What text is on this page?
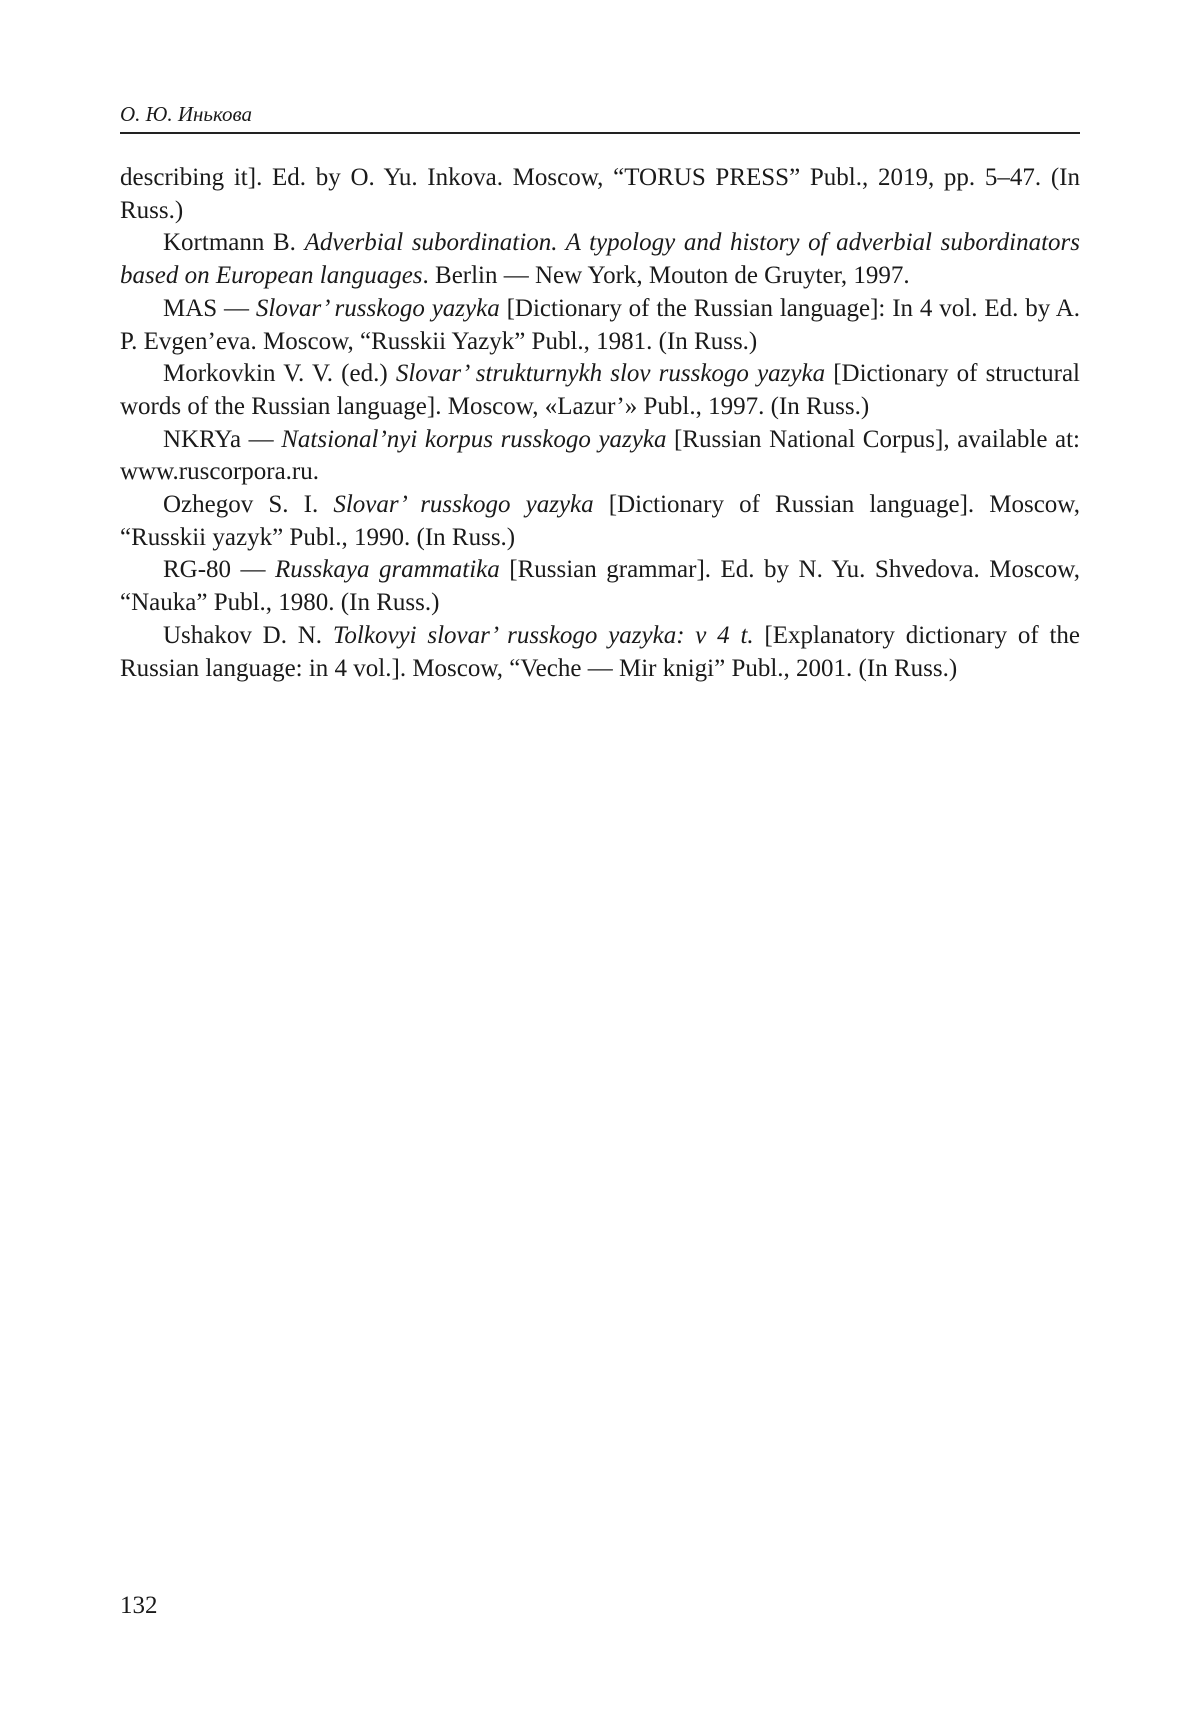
О. Ю. Инькова

describing it]. Ed. by O. Yu. Inkova. Moscow, “TORUS PRESS” Publ., 2019, pp. 5–47. (In Russ.)

Kortmann B. Adverbial subordination. A typology and history of adverbial subordinators based on European languages. Berlin — New York, Mouton de Gruyter, 1997.

MAS — Slovar’ russkogo yazyka [Dictionary of the Russian language]: In 4 vol. Ed. by A. P. Evgen’eva. Moscow, “Russkii Yazyk” Publ., 1981. (In Russ.)

Morkovkin V. V. (ed.) Slovar’ strukturnykh slov russkogo yazyka [Dictionary of structural words of the Russian language]. Moscow, «Lazur’» Publ., 1997. (In Russ.)

NKRYa — Natsional’nyi korpus russkogo yazyka [Russian National Corpus], available at: www.ruscorpora.ru.

Ozhegov S. I. Slovar’ russkogo yazyka [Dictionary of Russian language]. Moscow, “Russkii yazyk” Publ., 1990. (In Russ.)

RG-80 — Russkaya grammatika [Russian grammar]. Ed. by N. Yu. Shvedova. Moscow, “Nauka” Publ., 1980. (In Russ.)

Ushakov D. N. Tolkovyi slovar’ russkogo yazyka: v 4 t. [Explanatory dictionary of the Russian language: in 4 vol.]. Moscow, “Veche — Mir knigi” Publ., 2001. (In Russ.)

132
